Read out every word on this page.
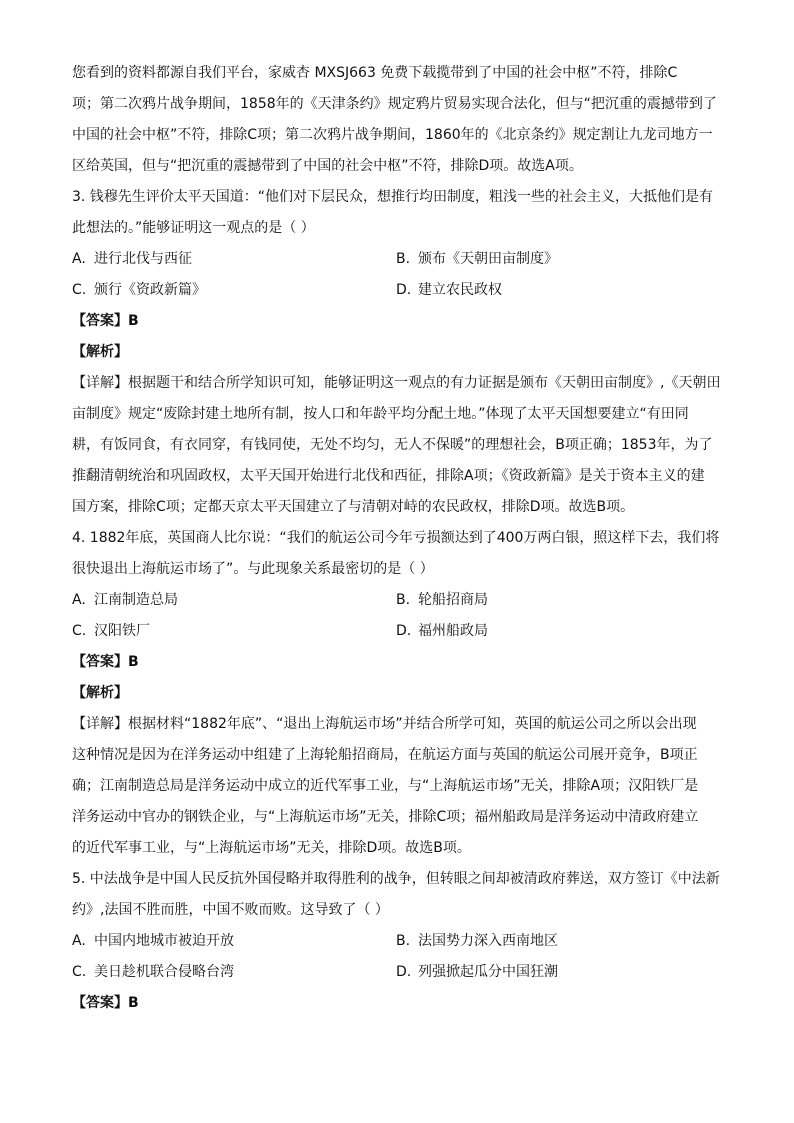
您看到的资料都源自我们平台，家威杏 MXSJ663 免费下载揽带到了中国的社会中枢”不符，排除C

项；第二次鸦片战争期间，1858年的《天津条约》规定鸦片贸易实现合法化，但与“把沉重的震撼带到了

中国的社会中枢”不符，排除C项；第二次鸦片战争期间，1860年的《北京条约》规定割让九龙司地方一

区给英国，但与“把沉重的震撼带到了中国的社会中枢”不符，排除D项。故选A项。

3. 钱穆先生评价太平天国道：“他们对下层民众，想推行均田制度，粗浅一些的社会主义，大抵他们是有

此想法的。”能够证明这一观点的是（ ）

A. 进行北伐与西征	B. 颁布《天朝田亩制度》
C. 颁行《资政新篇》	D. 建立农民政权
【答案】B
【解析】

【详解】根据题干和结合所学知识可知，能够证明这一观点的有力证据是颁布《天朝田亩制度》,《天朝田

亩制度》规定“废除封建土地所有制，按人口和年龄平均分配土地。”体现了太平天国想要建立“有田同

耕，有饭同食，有衣同穿，有钱同使，无处不均匀，无人不保暖”的理想社会，B项正确；1853年，为了

推翻清朝统治和巩固政权，太平天国开始进行北伐和西征，排除A项；《资政新篇》是关于资本主义的建

国方案，排除C项；定都天京太平天国建立了与清朝对峙的农民政权，排除D项。故选B项。

4. 1882年底，英国商人比尔说：“我们的航运公司今年亏损额达到了400万两白银，照这样下去，我们将

很快退出上海航运市场了”。与此现象关系最密切的是（ ）

A. 江南制造总局	B. 轮船招商局
C. 汉阳铁厂	D. 福州船政局
【答案】B
【解析】

【详解】根据材料“1882年底”、“退出上海航运市场”并结合所学可知，英国的航运公司之所以会出现

这种情况是因为在洋务运动中组建了上海轮船招商局，在航运方面与英国的航运公司展开竞争，B项正

确；江南制造总局是洋务运动中成立的近代军事工业，与“上海航运市场”无关，排除A项；汉阳铁厂是

洋务运动中官办的钢铁企业，与“上海航运市场”无关，排除C项；福州船政局是洋务运动中清政府建立

的近代军事工业，与“上海航运市场”无关，排除D项。故选B项。

5. 中法战争是中国人民反抗外国侵略并取得胜利的战争，但转眼之间却被清政府葬送，双方签订《中法新

约》,法国不胜而胜，中国不败而败。这导致了（ ）

A. 中国内地城市被迫开放	B. 法国势力深入西南地区
C. 美日趁机联合侵略台湾	D. 列强掀起瓜分中国狂潮
【答案】B
